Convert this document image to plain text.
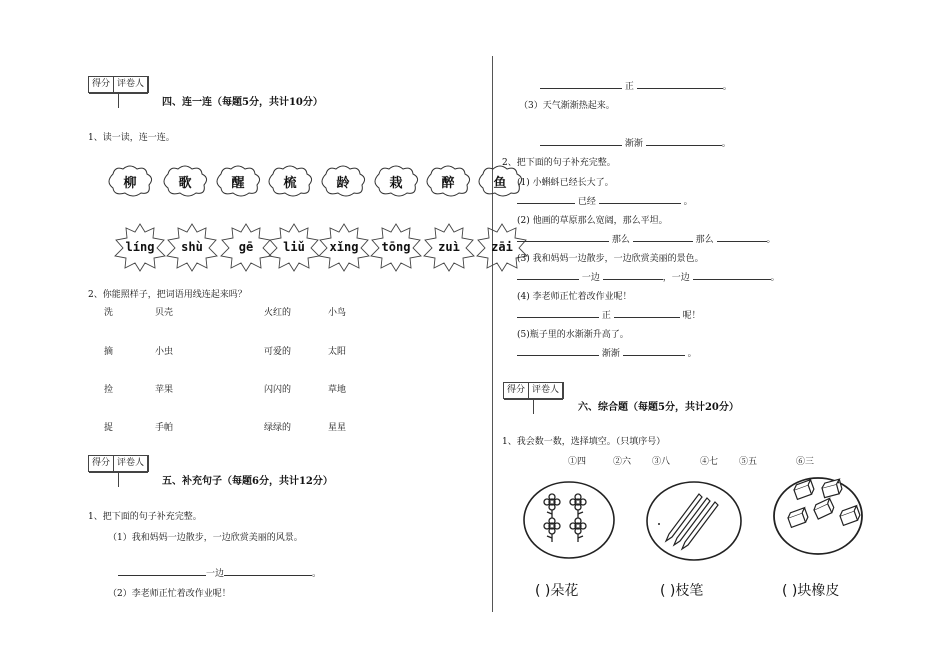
得分 评卷人
四、连一连（每题5分，共计10分）
1、读一读，连一连。
柳	歌	醒	梳	龄	栽	醉	鱼
líng	shù	gē	liǔ	xǐng	tōng	zuì	zāi
2、你能照样子，把词语用线连起来吗？
洗
摘
捡
捉
贝壳
小虫
苹果
手帕
火红的
可爱的
闪闪的
绿绿的
小鸟
太阳
草地
星星
得分 评卷人
五、补充句子（每题6分，共计12分）
1、把下面的句子补充完整。
（1）我和妈妈一边散步，一边欣赏美丽的风景。
一边	。
（2）李老师正忙着改作业呢！
正	。
（3）天气渐渐热起来。
渐渐	。
2、把下面的句子补充完整。
(1) 小蝌蚪已经长大了。
已经	。
(2) 他画的草原那么宽阔，那么平坦。
那么	那么	。
(3) 我和妈妈一边散步，一边欣赏美丽的景色。
一边	，一边	。
(4) 李老师正忙着改作业呢！
正	呢！
(5)瓶子里的水渐渐升高了。
渐渐	。
得分 评卷人
六、综合题（每题5分，共计20分）
1、我会数一数，选择填空。（只填序号）
①四	②六 ③八	④七 ⑤五	⑥三
( )朵花	( )枝笔	( )块橡皮
